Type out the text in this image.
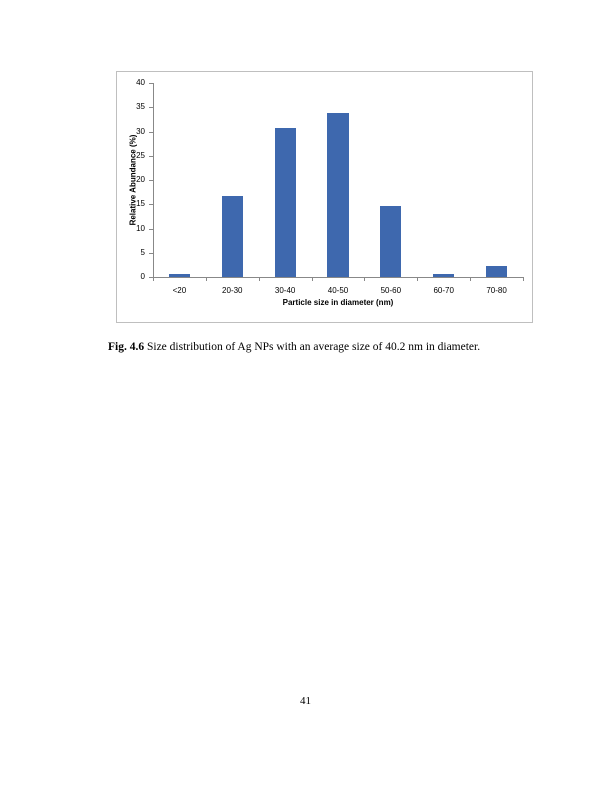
0
5
10
15
20
25
30
35
40
<20	20-30	30-40	40-50	50-60	60-70	70-80
Relative Abundance (%)
Particle size in diameter (nm)
Fig. 4.6 Size distribution of Ag NPs with an average size of 40.2 nm in diameter.
41
